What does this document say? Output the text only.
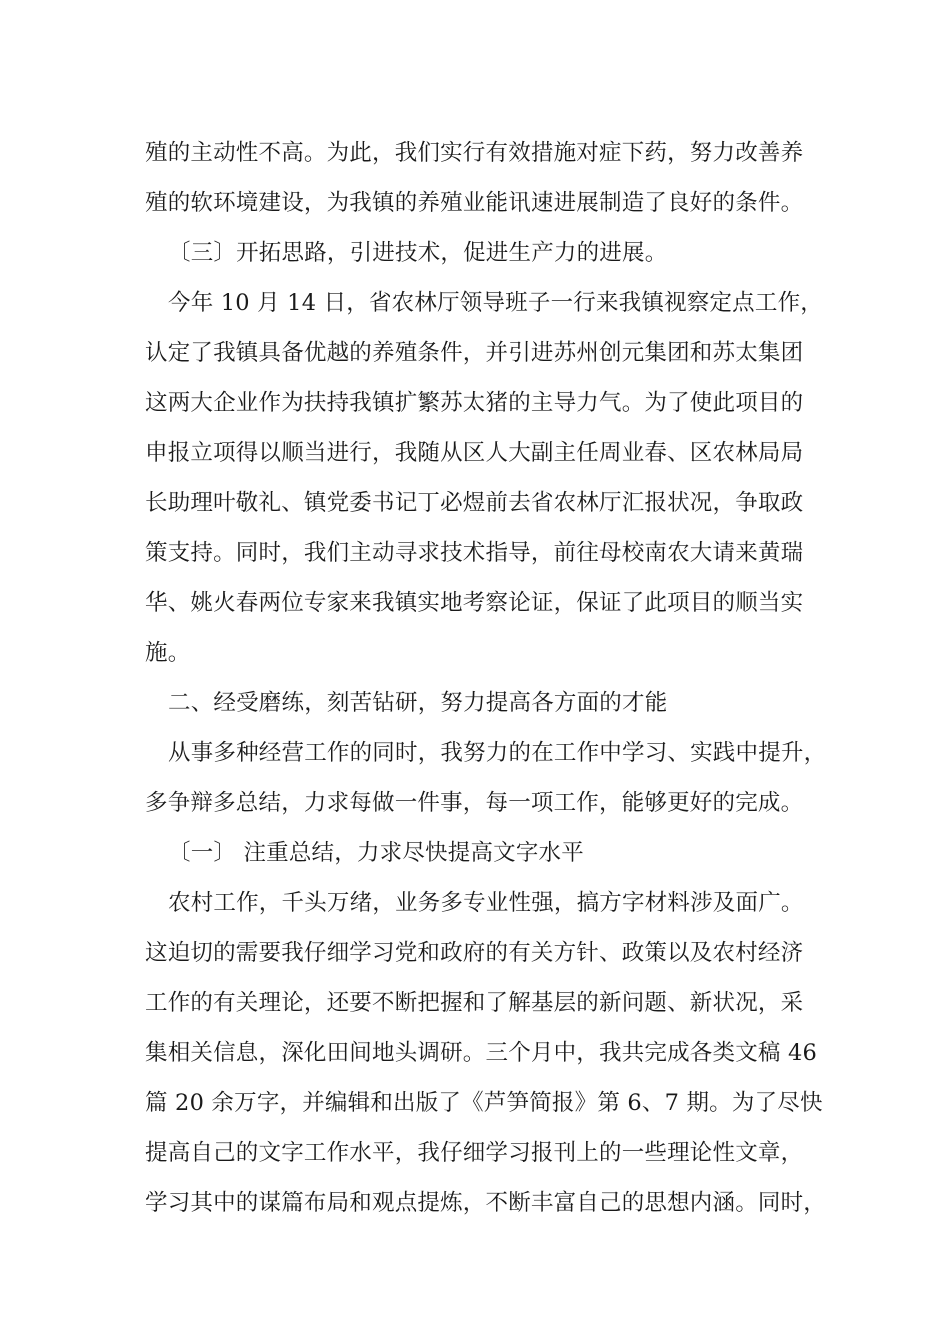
殖的主动性不高。为此，我们实行有效措施对症下药，努力改善养
殖的软环境建设，为我镇的养殖业能讯速进展制造了良好的条件。
〔三〕开拓思路，引进技术，促进生产力的进展。
今年 10 月 14 日，省农林厅领导班子一行来我镇视察定点工作，
认定了我镇具备优越的养殖条件，并引进苏州创元集团和苏太集团
这两大企业作为扶持我镇扩繁苏太猪的主导力气。为了使此项目的
申报立项得以顺当进行，我随从区人大副主任周业春、区农林局局
长助理叶敬礼、镇党委书记丁必煜前去省农林厅汇报状况，争取政
策支持。同时，我们主动寻求技术指导，前往母校南农大请来黄瑞
华、姚火春两位专家来我镇实地考察论证，保证了此项目的顺当实
施。
二、经受磨练，刻苦钻研，努力提高各方面的才能
从事多种经营工作的同时，我努力的在工作中学习、实践中提升，
多争辩多总结，力求每做一件事，每一项工作，能够更好的完成。
〔一〕 注重总结，力求尽快提高文字水平
农村工作，千头万绪，业务多专业性强，搞方字材料涉及面广。
这迫切的需要我仔细学习党和政府的有关方针、政策以及农村经济
工作的有关理论，还要不断把握和了解基层的新问题、新状况，采
集相关信息，深化田间地头调研。三个月中，我共完成各类文稿 46
篇 20 余万字，并编辑和出版了《芦笋简报》第 6、7 期。为了尽快
提高自己的文字工作水平，我仔细学习报刊上的一些理论性文章，
学习其中的谋篇布局和观点提炼，不断丰富自己的思想内涵。同时，
